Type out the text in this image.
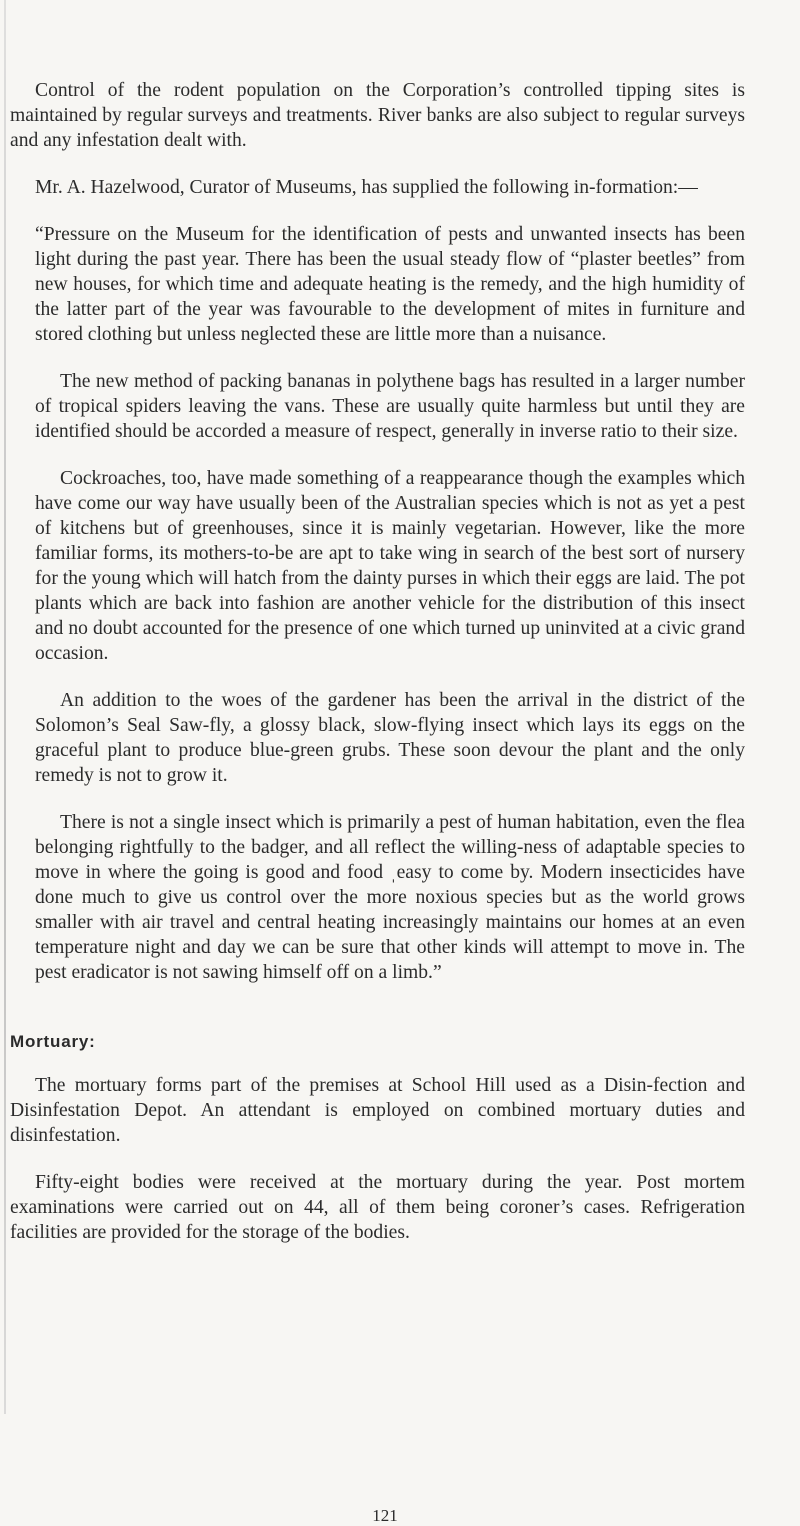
Control of the rodent population on the Corporation’s controlled tipping sites is maintained by regular surveys and treatments. River banks are also subject to regular surveys and any infestation dealt with.

Mr. A. Hazelwood, Curator of Museums, has supplied the following in-formation:—

“Pressure on the Museum for the identification of pests and unwanted insects has been light during the past year. There has been the usual steady flow of “plaster beetles” from new houses, for which time and adequate heating is the remedy, and the high humidity of the latter part of the year was favourable to the development of mites in furniture and stored clothing but unless neglected these are little more than a nuisance.

The new method of packing bananas in polythene bags has resulted in a larger number of tropical spiders leaving the vans. These are usually quite harmless but until they are identified should be accorded a measure of respect, generally in inverse ratio to their size.

Cockroaches, too, have made something of a reappearance though the examples which have come our way have usually been of the Australian species which is not as yet a pest of kitchens but of greenhouses, since it is mainly vegetarian. However, like the more familiar forms, its mothers-to-be are apt to take wing in search of the best sort of nursery for the young which will hatch from the dainty purses in which their eggs are laid. The pot plants which are back into fashion are another vehicle for the distribution of this insect and no doubt accounted for the presence of one which turned up uninvited at a civic grand occasion.

An addition to the woes of the gardener has been the arrival in the district of the Solomon’s Seal Saw-fly, a glossy black, slow-flying insect which lays its eggs on the graceful plant to produce blue-green grubs. These soon devour the plant and the only remedy is not to grow it.

There is not a single insect which is primarily a pest of human habitation, even the flea belonging rightfully to the badger, and all reflect the willing-ness of adaptable species to move in where the going is good and food ˌeasy to come by. Modern insecticides have done much to give us control over the more noxious species but as the world grows smaller with air travel and central heating increasingly maintains our homes at an even temperature night and day we can be sure that other kinds will attempt to move in. The pest eradicator is not sawing himself off on a limb.”

Mortuary:

The mortuary forms part of the premises at School Hill used as a Disin-fection and Disinfestation Depot. An attendant is employed on combined mortuary duties and disinfestation.

Fifty-eight bodies were received at the mortuary during the year. Post mortem examinations were carried out on 44, all of them being coroner’s cases. Refrigeration facilities are provided for the storage of the bodies.

121
